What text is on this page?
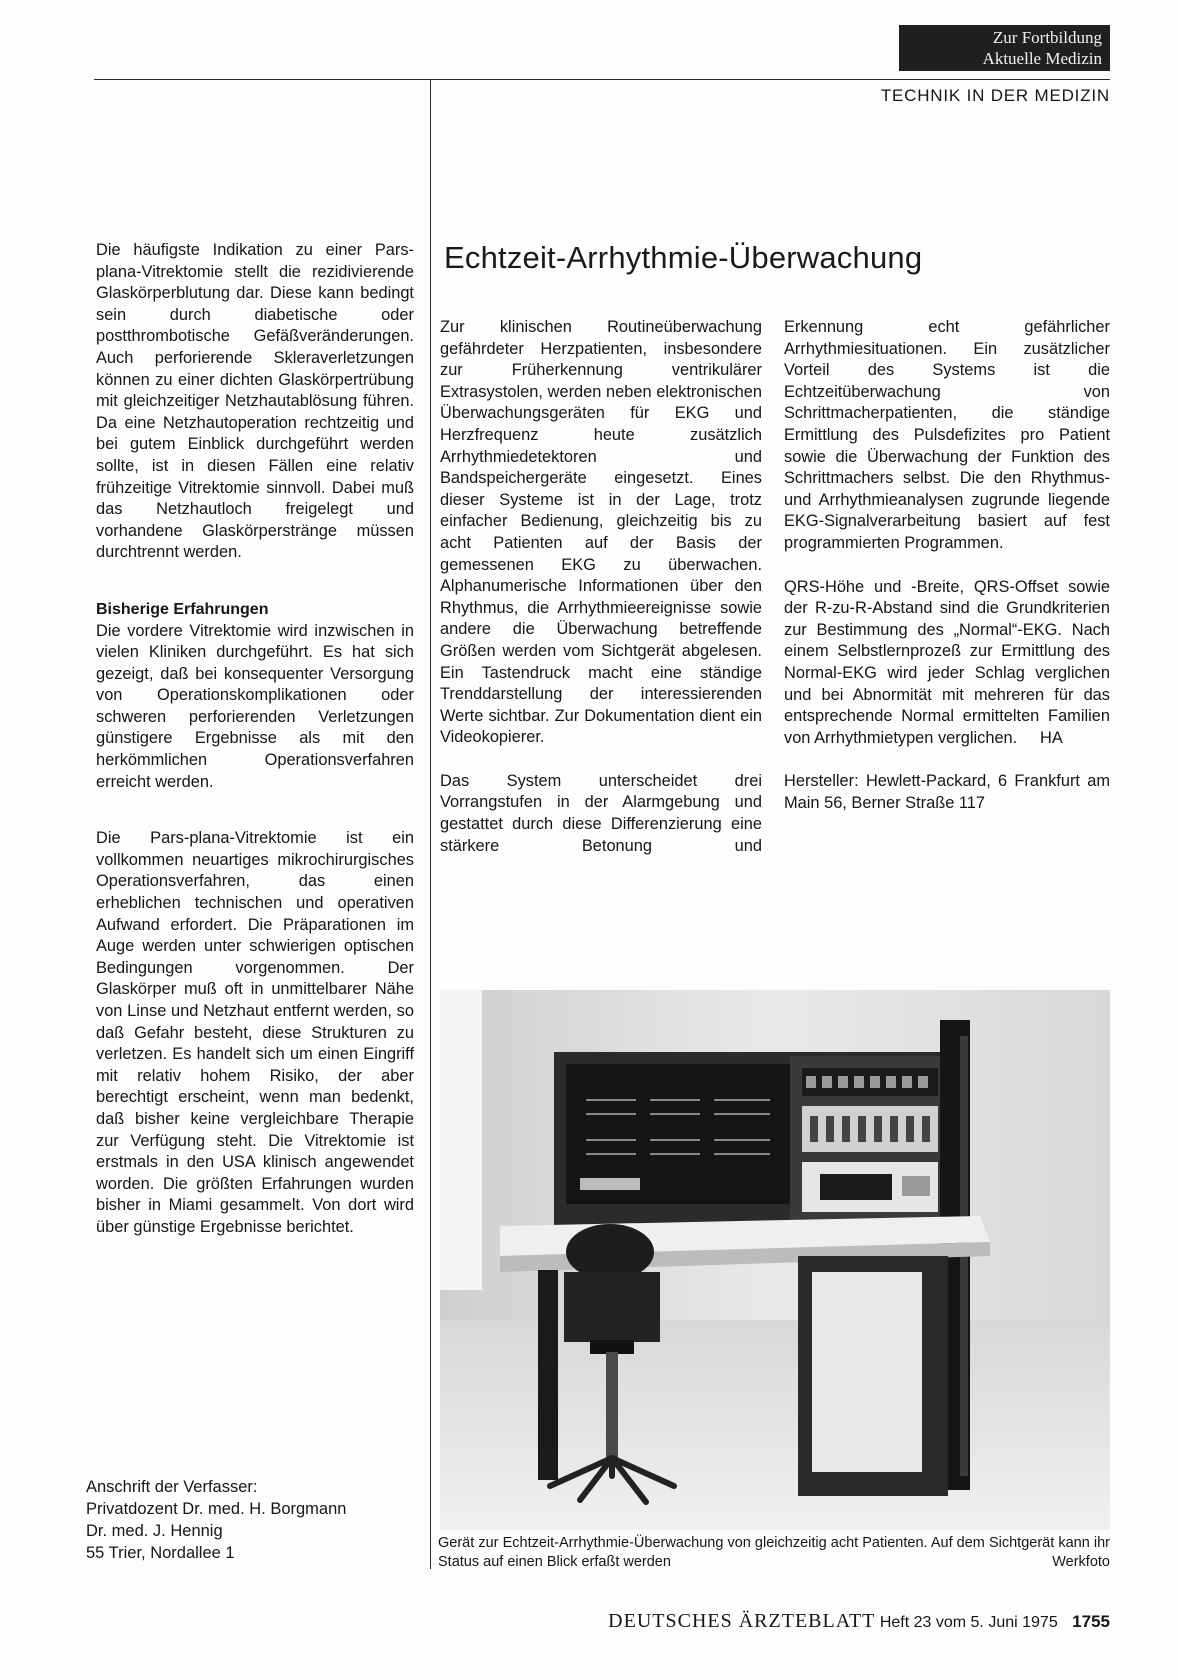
Zur Fortbildung
Aktuelle Medizin
TECHNIK IN DER MEDIZIN

Die häufigste Indikation zu einer Pars-plana-Vitrektomie stellt die rezidivierende Glaskörperblutung dar. Diese kann bedingt sein durch diabetische oder postthrombotische Gefäßveränderungen. Auch perforierende Skleraverletzungen können zu einer dichten Glaskörpertrübung mit gleichzeitiger Netzhautablösung führen. Da eine Netzhautoperation rechtzeitig und bei gutem Einblick durchgeführt werden sollte, ist in diesen Fällen eine relativ frühzeitige Vitrektomie sinnvoll. Dabei muß das Netzhautloch freigelegt und vorhandene Glaskörperstränge müssen durchtrennt werden.

Bisherige Erfahrungen

Die vordere Vitrektomie wird inzwischen in vielen Kliniken durchgeführt. Es hat sich gezeigt, daß bei konsequenter Versorgung von Operationskomplikationen oder schweren perforierenden Verletzungen günstigere Ergebnisse als mit den herkömmlichen Operationsverfahren erreicht werden.

Die Pars-plana-Vitrektomie ist ein vollkommen neuartiges mikrochirurgisches Operationsverfahren, das einen erheblichen technischen und operativen Aufwand erfordert. Die Präparationen im Auge werden unter schwierigen optischen Bedingungen vorgenommen. Der Glaskörper muß oft in unmittelbarer Nähe von Linse und Netzhaut entfernt werden, so daß Gefahr besteht, diese Strukturen zu verletzen. Es handelt sich um einen Eingriff mit relativ hohem Risiko, der aber berechtigt erscheint, wenn man bedenkt, daß bisher keine vergleichbare Therapie zur Verfügung steht. Die Vitrektomie ist erstmals in den USA klinisch angewendet worden. Die größten Erfahrungen wurden bisher in Miami gesammelt. Von dort wird über günstige Ergebnisse berichtet.

Anschrift der Verfasser:
Privatdozent Dr. med. H. Borgmann
Dr. med. J. Hennig
55 Trier, Nordallee 1
Echtzeit-Arrhythmie-Überwachung

Zur klinischen Routineüberwachung gefährdeter Herzpatienten, insbesondere zur Früherkennung ventrikulärer Extrasystolen, werden neben elektronischen Überwachungsgeräten für EKG und Herzfrequenz heute zusätzlich Arrhythmiedetektoren und Bandspeichergeräte eingesetzt. Eines dieser Systeme ist in der Lage, trotz einfacher Bedienung, gleichzeitig bis zu acht Patienten auf der Basis der gemessenen EKG zu überwachen. Alphanumerische Informationen über den Rhythmus, die Arrhythmieereignisse sowie andere die Überwachung betreffende Größen werden vom Sichtgerät abgelesen. Ein Tastendruck macht eine ständige Trenddarstellung der interessierenden Werte sichtbar. Zur Dokumentation dient ein Videokopierer.

Das System unterscheidet drei Vorrangstufen in der Alarmgebung und gestattet durch diese Differenzierung eine stärkere Betonung und

Erkennung echt gefährlicher Arrhythmiesituationen. Ein zusätzlicher Vorteil des Systems ist die Echtzeitüberwachung von Schrittmacherpatienten, die ständige Ermittlung des Pulsdefizites pro Patient sowie die Überwachung der Funktion des Schrittmachers selbst. Die den Rhythmus- und Arrhythmieanalysen zugrunde liegende EKG-Signalverarbeitung basiert auf fest programmierten Programmen.

QRS-Höhe und -Breite, QRS-Offset sowie der R-zu-R-Abstand sind die Grundkriterien zur Bestimmung des „Normal“-EKG. Nach einem Selbstlernprozeß zur Ermittlung des Normal-EKG wird jeder Schlag verglichen und bei Abnormität mit mehreren für das entsprechende Normal ermittelten Familien von Arrhythmietypen verglichen. HA

Hersteller: Hewlett-Packard, 6 Frankfurt am Main 56, Berner Straße 117

Gerät zur Echtzeit-Arrhythmie-Überwachung von gleichzeitig acht Patienten. Auf dem Sichtgerät kann ihr Status auf einen Blick erfaßt werden	Werkfoto
DEUTSCHES ÄRZTEBLATT Heft 23 vom 5. Juni 1975 1755
